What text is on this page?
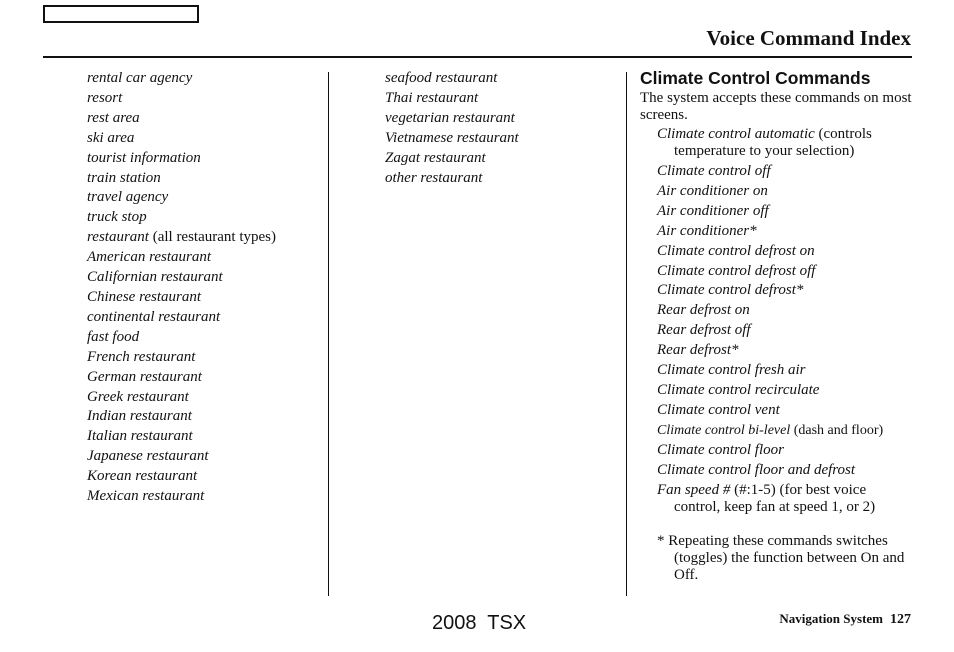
Voice Command Index
rental car agency
resort
rest area
ski area
tourist information
train station
travel agency
truck stop
restaurant (all restaurant types)
American restaurant
Californian restaurant
Chinese restaurant
continental restaurant
fast food
French restaurant
German restaurant
Greek restaurant
Indian restaurant
Italian restaurant
Japanese restaurant
Korean restaurant
Mexican restaurant
seafood restaurant
Thai restaurant
vegetarian restaurant
Vietnamese restaurant
Zagat restaurant
other restaurant
Climate Control Commands
The system accepts these commands on most screens.
Climate control automatic (controls temperature to your selection)
Climate control off
Air conditioner on
Air conditioner off
Air conditioner*
Climate control defrost on
Climate control defrost off
Climate control defrost*
Rear defrost on
Rear defrost off
Rear defrost*
Climate control fresh air
Climate control recirculate
Climate control vent
Climate control bi-level (dash and floor)
Climate control floor
Climate control floor and defrost
Fan speed # (#:1-5) (for best voice control, keep fan at speed 1, or 2)
* Repeating these commands switches (toggles) the function between On and Off.
2008  TSX	Navigation System 127
